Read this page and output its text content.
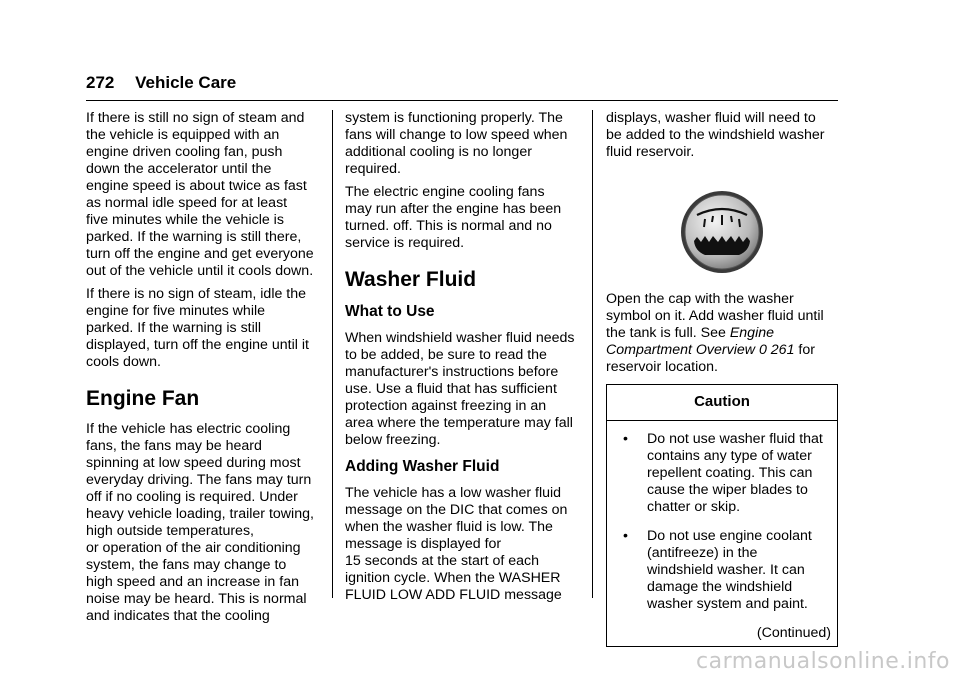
272 Vehicle Care

If there is still no sign of steam and
the vehicle is equipped with an
engine driven cooling fan, push
down the accelerator until the
engine speed is about twice as fast
as normal idle speed for at least
five minutes while the vehicle is
parked. If the warning is still there,
turn off the engine and get everyone
out of the vehicle until it cools down.

If there is no sign of steam, idle the
engine for five minutes while
parked. If the warning is still
displayed, turn off the engine until it
cools down.

Engine Fan

If the vehicle has electric cooling
fans, the fans may be heard
spinning at low speed during most
everyday driving. The fans may turn
off if no cooling is required. Under
heavy vehicle loading, trailer towing,
high outside temperatures,
or operation of the air conditioning
system, the fans may change to
high speed and an increase in fan
noise may be heard. This is normal
and indicates that the cooling

system is functioning properly. The
fans will change to low speed when
additional cooling is no longer
required.

The electric engine cooling fans
may run after the engine has been
turned. off. This is normal and no
service is required.

Washer Fluid
What to Use

When windshield washer fluid needs
to be added, be sure to read the
manufacturer's instructions before
use. Use a fluid that has sufficient
protection against freezing in an
area where the temperature may fall
below freezing.

Adding Washer Fluid

The vehicle has a low washer fluid
message on the DIC that comes on
when the washer fluid is low. The
message is displayed for
15 seconds at the start of each
ignition cycle. When the WASHER
FLUID LOW ADD FLUID message

displays, washer fluid will need to
be added to the windshield washer
fluid reservoir.

Open the cap with the washer
symbol on it. Add washer fluid until
the tank is full. See Engine
Compartment Overview 0 261 for
reservoir location.

Caution
• Do not use washer fluid that
contains any type of water
repellent coating. This can
cause the wiper blades to
chatter or skip.
• Do not use engine coolant
(antifreeze) in the
windshield washer. It can
damage the windshield
washer system and paint.
(Continued)
carmanualsonline.info
